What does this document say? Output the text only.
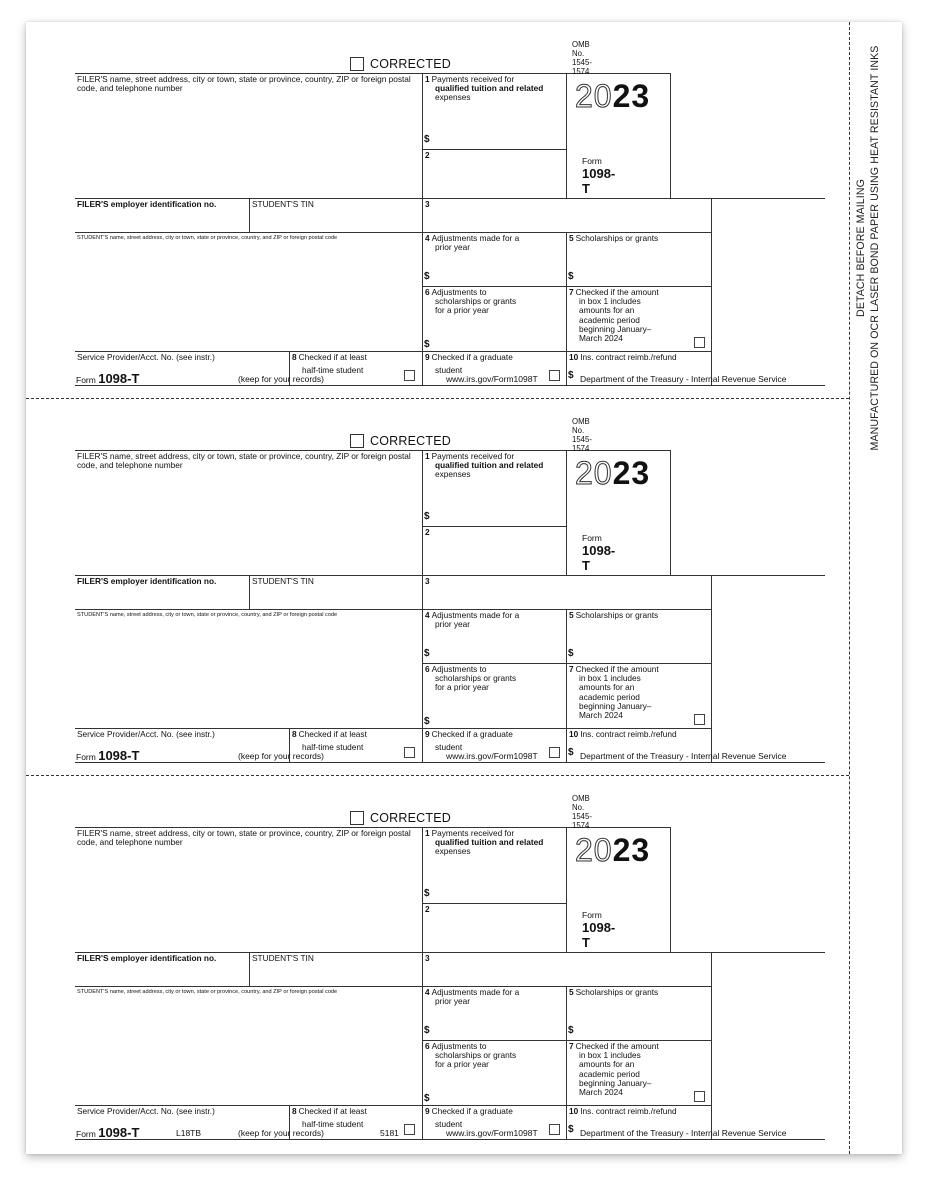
DETACH BEFORE MAILING MANUFACTURED ON OCR LASER BOND PAPER USING HEAT RESISTANT INKS
CORRECTED
FILER'S name, street address, city or town, state or province, country, ZIP or foreign postal code, and telephone number
1 Payments received for
qualified tuition and related
expenses
$
2
OMB No. 1545-1574
2023
Form 1098-T
FILER'S employer identification no.	STUDENT'S TIN	3
STUDENT'S name, street address, city or town, state or province, country, and ZIP or foreign postal code	4 Adjustments made for a
prior year
$
5 Scholarships or grants
$
6 Adjustments to
scholarships or grants
for a prior year
$
7 Checked if the amount
in box 1 includes
amounts for an
academic period
beginning January–
March 2024
Service Provider/Acct. No. (see instr.)	8 Checked if at least
half-time student
9 Checked if a graduate
student
10 Ins. contract reimb./refund
$
Form 1098-T	(keep for your records)	www.irs.gov/Form1098T	Department of the Treasury - Internal Revenue Service
CORRECTED
FILER'S name, street address, city or town, state or province, country, ZIP or foreign postal code, and telephone number
1 Payments received for
qualified tuition and related
expenses
$
2
OMB No. 1545-1574
2023
Form 1098-T
FILER'S employer identification no.	STUDENT'S TIN	3
STUDENT'S name, street address, city or town, state or province, country, and ZIP or foreign postal code	4 Adjustments made for a
prior year
$
5 Scholarships or grants
$
6 Adjustments to
scholarships or grants
for a prior year
$
7 Checked if the amount
in box 1 includes
amounts for an
academic period
beginning January–
March 2024
Service Provider/Acct. No. (see instr.)	8 Checked if at least
half-time student
9 Checked if a graduate
student
10 Ins. contract reimb./refund
$
Form 1098-T	(keep for your records)	www.irs.gov/Form1098T	Department of the Treasury - Internal Revenue Service
CORRECTED
FILER'S name, street address, city or town, state or province, country, ZIP or foreign postal code, and telephone number
1 Payments received for
qualified tuition and related
expenses
$
2
OMB No. 1545-1574
2023
Form 1098-T
FILER'S employer identification no.	STUDENT'S TIN	3
STUDENT'S name, street address, city or town, state or province, country, and ZIP or foreign postal code	4 Adjustments made for a
prior year
$
5 Scholarships or grants
$
6 Adjustments to
scholarships or grants
for a prior year
$
7 Checked if the amount
in box 1 includes
amounts for an
academic period
beginning January–
March 2024
Service Provider/Acct. No. (see instr.)	8 Checked if at least
half-time student
9 Checked if a graduate
student
10 Ins. contract reimb./refund
$
Form 1098-T	L18TB	(keep for your records)	5181	www.irs.gov/Form1098T	Department of the Treasury - Internal Revenue Service
